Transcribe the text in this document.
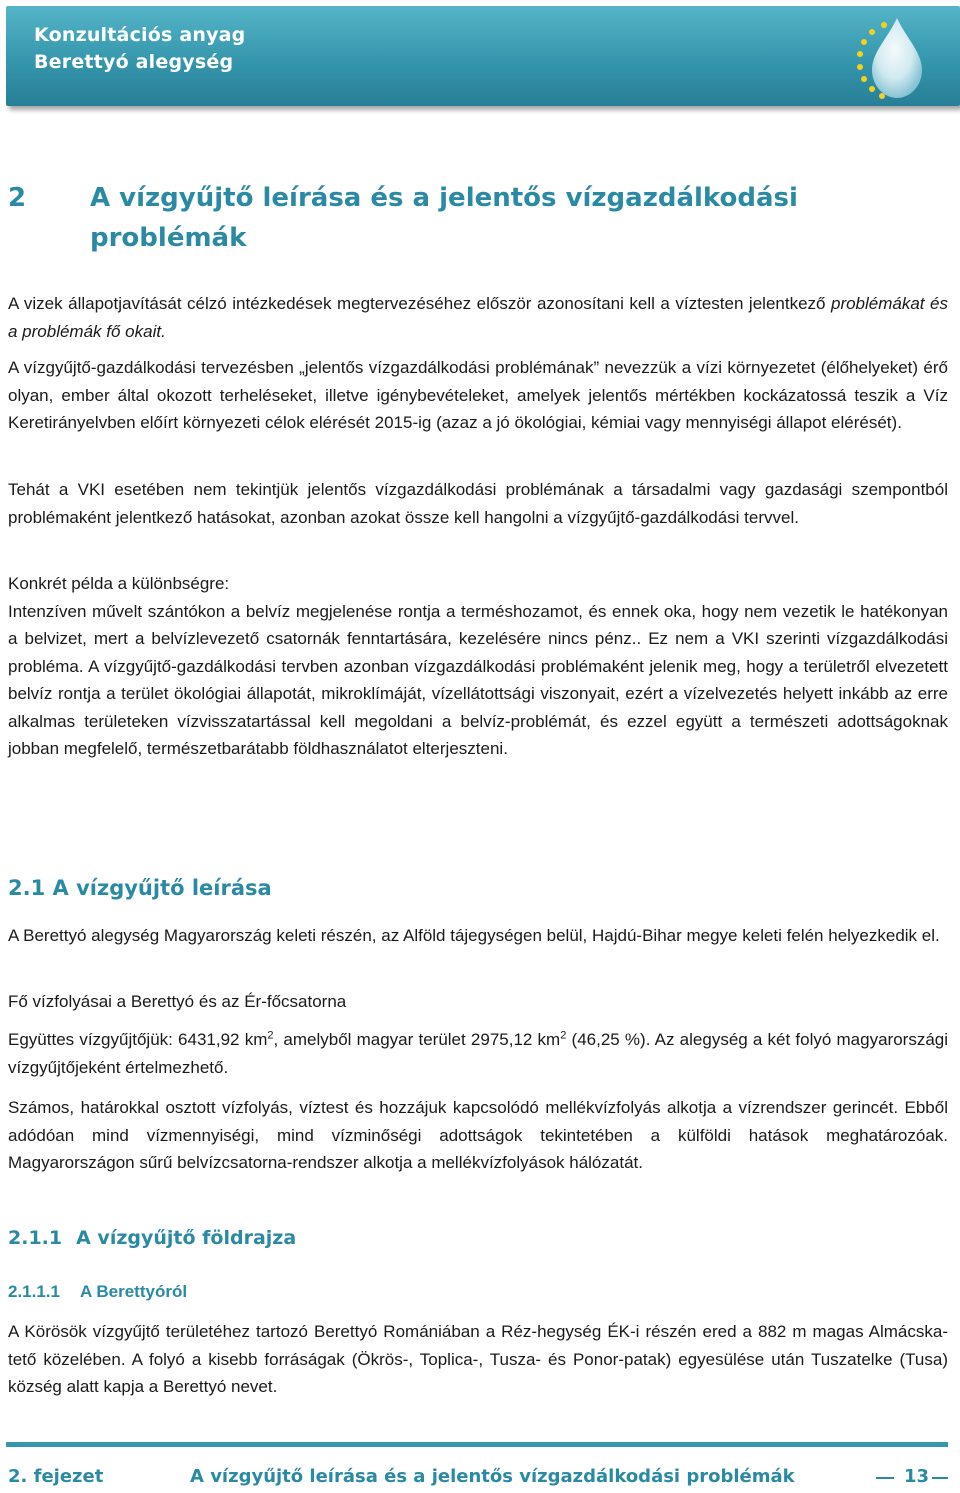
Konzultációs anyag
Berettyó alegység
2 A vízgyűjtő leírása és a jelentős vízgazdálkodási problémák
A vizek állapotjavítását célzó intézkedések megtervezéséhez először azonosítani kell a víztesten jelentkező problémákat és a problémák fő okait.
A vízgyűjtő-gazdálkodási tervezésben „jelentős vízgazdálkodási problémának” nevezzük a vízi környezetet (élőhelyeket) érő olyan, ember által okozott terheléseket, illetve igénybevételeket, amelyek jelentős mértékben kockázatossá teszik a Víz Keretirányelvben előírt környezeti célok elérését 2015-ig (azaz a jó ökológiai, kémiai vagy mennyiségi állapot elérését).
Tehát a VKI esetében nem tekintjük jelentős vízgazdálkodási problémának a társadalmi vagy gazdasági szempontból problémaként jelentkező hatásokat, azonban azokat össze kell hangolni a vízgyűjtő-gazdálkodási tervvel.
Konkrét példa a különbségre:
Intenzíven művelt szántókon a belvíz megjelenése rontja a terméshozamot, és ennek oka, hogy nem vezetik le hatékonyan a belvizet, mert a belvízlevezető csatornák fenntartására, kezelésére nincs pénz.. Ez nem a VKI szerinti vízgazdálkodási probléma. A vízgyűjtő-gazdálkodási tervben azonban vízgazdálkodási problémaként jelenik meg, hogy a területről elvezetett belvíz rontja a terület ökológiai állapotát, mikroklímáját, vízellátottsági viszonyait, ezért a vízelvezetés helyett inkább az erre alkalmas területeken vízvisszatartással kell megoldani a belvíz-problémát, és ezzel együtt a természeti adottságoknak jobban megfelelő, természetbarátabb földhasználatot elterjeszteni.
2.1 A vízgyűjtő leírása
A Berettyó alegység Magyarország keleti részén, az Alföld tájegységen belül, Hajdú-Bihar megye keleti felén helyezkedik el.
Fő vízfolyásai a Berettyó és az Ér-főcsatorna
Együttes vízgyűjtőjük: 6431,92 $km^2$, amelyből magyar terület 2975,12 $km^2$ (46,25 %). Az alegység a két folyó magyarországi vízgyűjtőjeként értelmezhető.
Számos, határokkal osztott vízfolyás, víztest és hozzájuk kapcsolódó mellékvízfolyás alkotja a vízrendszer gerincét. Ebből adódóan mind vízmennyiségi, mind vízminőségi adottságok tekintetében a külföldi hatások meghatározóak. Magyarországon sűrű belvízcsatorna-rendszer alkotja a mellékvízfolyások hálózatát.
2.1.1 A vízgyűjtő földrajza
2.1.1.1 A Berettyóról
A Körösök vízgyűjtő területéhez tartozó Berettyó Romániában a Réz-hegység ÉK-i részén ered a 882 m magas Almácska-tető közelében. A folyó a kisebb forráságak (Ökrös-, Toplica-, Tusza- és Ponor-patak) egyesülése után Tuszatelke (Tusa) község alatt kapja a Berettyó nevet.
2. fejezet	A vízgyűjtő leírása és a jelentős vízgazdálkodási problémák	13
